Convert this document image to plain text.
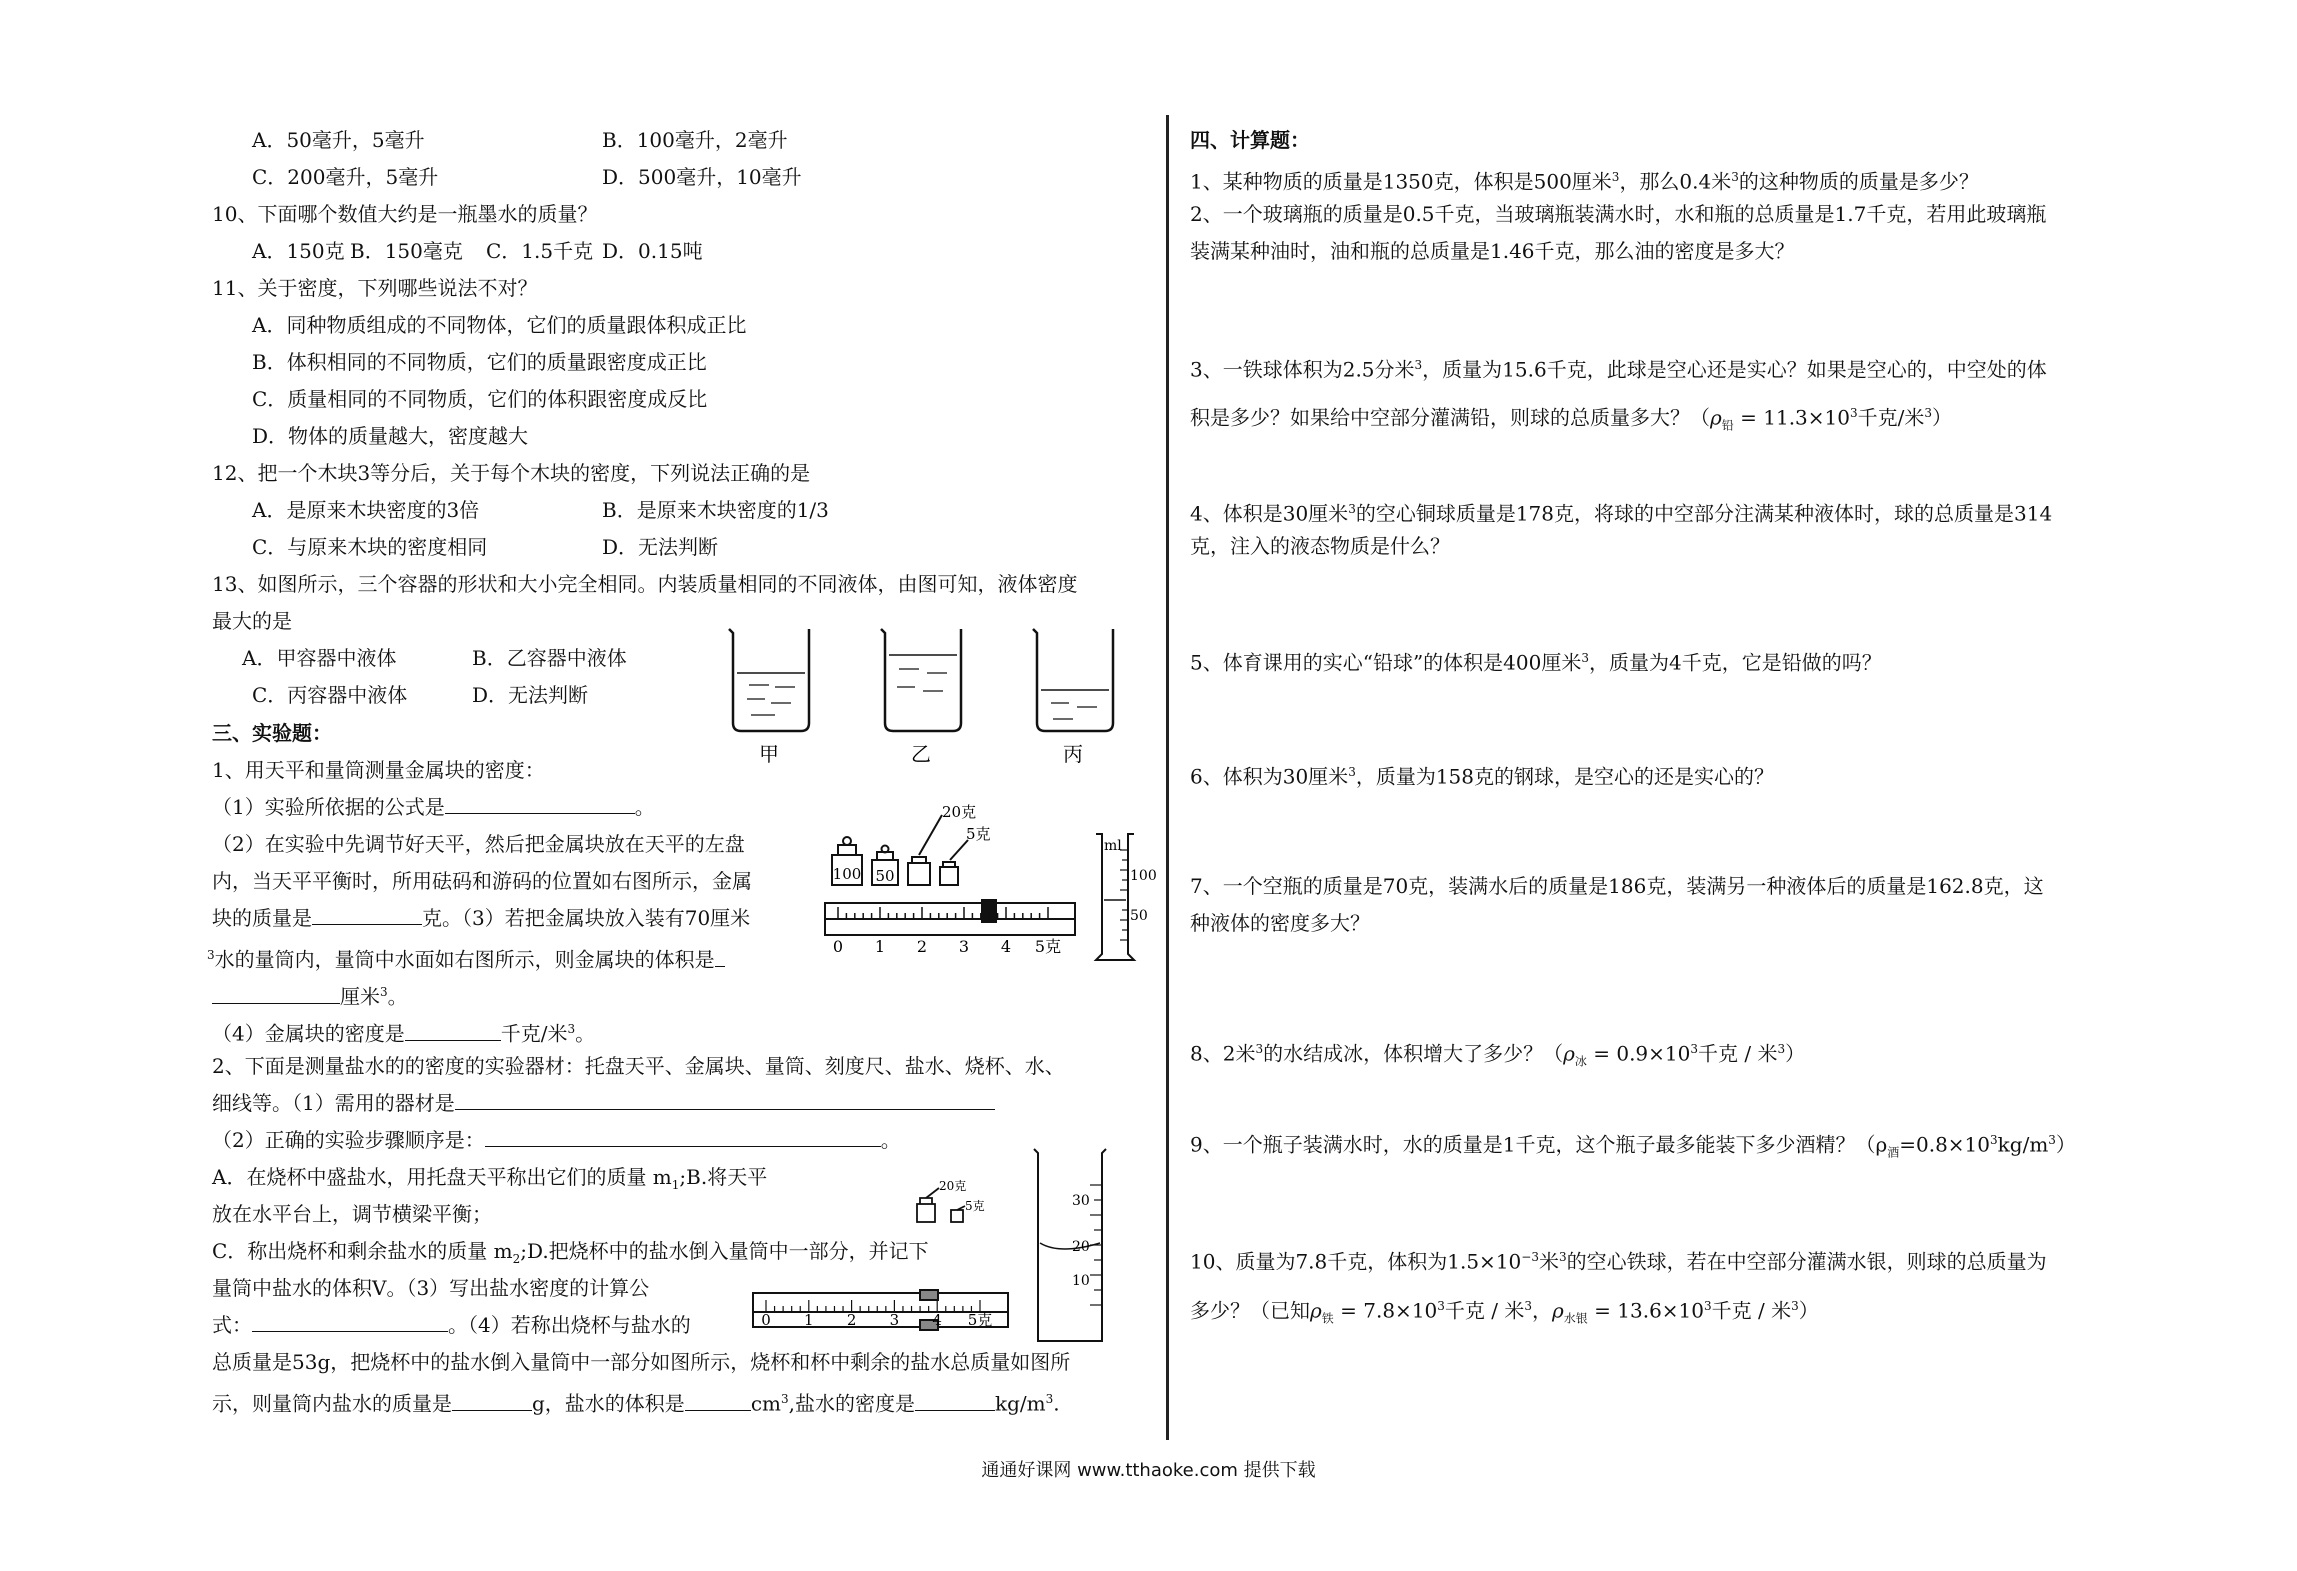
A．50毫升，5毫升	B．100毫升，2毫升
C．200毫升，5毫升	D．500毫升，10毫升
10、下面哪个数值大约是一瓶墨水的质量？
A．150克 B．150毫克 C．1.5千克 D．0.15吨
11、关于密度，下列哪些说法不对？
A．同种物质组成的不同物体，它们的质量跟体积成正比
B．体积相同的不同物质，它们的质量跟密度成正比
C．质量相同的不同物质，它们的体积跟密度成反比
D．物体的质量越大，密度越大
12、把一个木块3等分后，关于每个木块的密度，下列说法正确的是
A．是原来木块密度的3倍	B．是原来木块密度的1/3
C．与原来木块的密度相同	D．无法判断
13、如图所示，三个容器的形状和大小完全相同。内装质量相同的不同液体，由图可知，液体密度
最大的是
A．甲容器中液体	B．乙容器中液体
C．丙容器中液体	D．无法判断
甲	乙	丙
三、实验题：
1、用天平和量筒测量金属块的密度：
（1）实验所依据的公式是	。
（2）在实验中先调节好天平，然后把金属块放在天平的左盘
内，当天平平衡时，所用砝码和游码的位置如右图所示，金属
块的质量是	克。（3）若把金属块放入装有70厘米
$^3$水的量筒内，量筒中水面如右图所示，则金属块的体积是
厘米$^3$。
（4）金属块的密度是	千克/米$^3$。
100 50
20克
5克
0 1 2 3 4 5克
ml
100
50
2、下面是测量盐水的的密度的实验器材：托盘天平、金属块、量筒、刻度尺、盐水、烧杯、水、
细线等。（1）需用的器材是
（2）正确的实验步骤顺序是：	。
A．在烧杯中盛盐水，用托盘天平称出它们的质量 $m_1;B$.将天平
放在水平台上，调节横梁平衡；
C．称出烧杯和剩余盐水的质量 $m_2;D$.把烧杯中的盐水倒入量筒中一部分，并记下
量筒中盐水的体积V。（3）写出盐水密度的计算公
式：	。（4）若称出烧杯与盐水的
总质量是53g，把烧杯中的盐水倒入量筒中一部分如图所示，烧杯和杯中剩余的盐水总质量如图所
示，则量筒内盐水的质量是	g，盐水的体积是	$cm^3$,盐水的密度是	$kg/m^3$.
20克
5克	30
20
10
0 1 2 3 4 5克
四、计算题：
1、某种物质的质量是1350克，体积是500厘米$^3$，那么0.4米$^3$的这种物质的质量是多少？
2、一个玻璃瓶的质量是0.5千克，当玻璃瓶装满水时，水和瓶的总质量是1.7千克，若用此玻璃瓶
装满某种油时，油和瓶的总质量是1.46千克，那么油的密度是多大？
3、一铁球体积为2.5分米$^3$，质量为15.6千克，此球是空心还是实心？如果是空心的，中空处的体
积是多少？如果给中空部分灌满铅，则球的总质量多大？（$\rho_铅 = 11.3\times 10^3$千克/米$^3$）
4、体积是30厘米$^3$的空心铜球质量是178克，将球的中空部分注满某种液体时，球的总质量是314
克，注入的液态物质是什么？
5、体育课用的实心“铅球”的体积是400厘米$^3$，质量为4千克，它是铅做的吗？
6、体积为30厘米$^3$，质量为158克的钢球，是空心的还是实心的？
7、一个空瓶的质量是70克，装满水后的质量是186克，装满另一种液体后的质量是162.8克，这
种液体的密度多大？
8、2米$^3$的水结成冰，体积增大了多少？（$\rho_冰 = 0.9\times 10^3$千克 / 米$^3$）
9、一个瓶子装满水时，水的质量是1千克，这个瓶子最多能装下多少酒精？$(\rho_酒=0.8\times 10^3kg/m^3)$
10、质量为7.8千克，体积为$1.5\times 10^{-3}$米$^3$的空心铁球，若在中空部分灌满水银，则球的总质量为
多少？（已知$\rho_铁 = 7.8\times 10^3$千克 / 米$^3$，$\rho_{水银} = 13.6\times 10^3$千克 / 米$^3$）
通通好课网 www.tthaoke.com 提供下载
